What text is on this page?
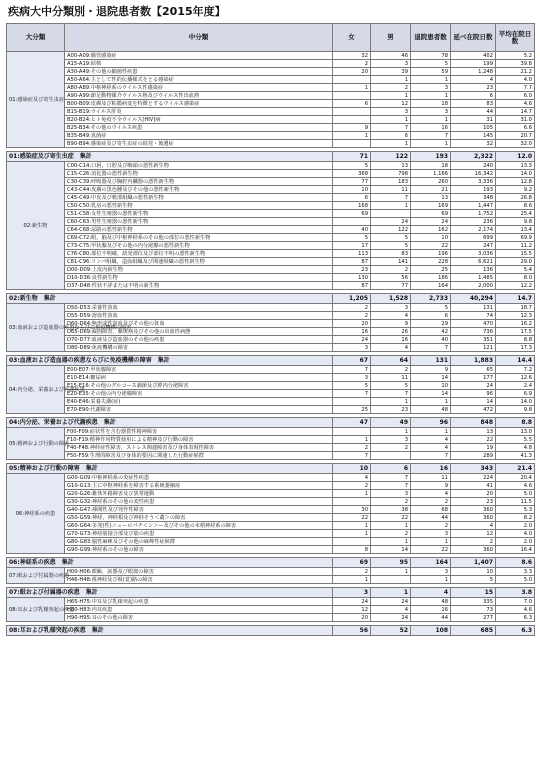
疾病大中分類別・退院患者数【2015年度】
大分類	中分類	女	男	退院患者数	延べ在院日数	平均在院日数
01:感染症及び寄生虫症	A00-A09:腸管感染症	32	46	78	402	5.2
	A15-A19:結核	2	3	5	199	39.8
	A30-A49:その他の細菌性疾患	20	39	59	1,248	21.2
	A50-A64:主として性的伝播様式をとる感染症		1	1	4	4.0
	A80-A89:中枢神経系のウイルス性感染症	1	2	3	23	7.7
	A90-A99:節足動物媒介ウイルス熱及びウイルス性出血熱		1	1	6	6.0
	B00-B09:皮膚及び粘膜病変を特徴とするウイルス感染症	6	12	18	83	4.6
	B15-B19:ウイルス肝炎		3	3	44	14.7
	B20-B24:ヒト免疫不全ウイルス[HIV]病		1	1	31	31.0
	B25-B34:その他のウイルス疾患	9	7	16	105	6.6
	B35-B49:真菌症	1	6	7	145	20.7
	B90-B94:感染症及び寄生虫症の続発・後遺症		1	1	32	32.0

01:感染症及び寄生虫症　集計		71	122	193	2,322	12.0
02:新生物	C00-C14:口唇，口腔及び咽頭の悪性新生物	5	13	18	240	13.3
	C15-C26:消化器の悪性新生物	368	798	1,166	16,342	14.0
	C30-C39:呼吸器及び胸腔内臓器の悪性新生物	77	183	260	3,336	12.8
	C43-C44:皮膚の黒色腫及びその他の悪性新生物	10	11	21	193	9.2
	C45-C49:中皮及び軟部組織の悪性新生物	6	7	13	348	26.8
	C50-C50:乳房の悪性新生物	168	1	169	1,447	8.6
	C51-C58:女性生殖器の悪性新生物	69		69	1,752	25.4
	C60-C63:男性生殖器の悪性新生物		24	24	236	9.8
	C64-C68:尿路の悪性新生物	40	122	162	2,174	13.4
	C69-C72:眼，脳及び中枢神経系のその他の部位の悪性新生物	5	5	10	699	69.9
	C73-C75:甲状腺及びその他の内分泌腺の悪性新生物	17	5	22	247	11.2
	C76-C80:部位不明確，続発部位及び部位不明の悪性新生物	113	83	196	3,036	15.5
	C81-C96:リンパ組織，造血組織及び関連組織の悪性新生物	87	141	228	6,621	29.0
	D00-D09:上皮内新生物	23	2	25	136	5.4
	D10-D36:良性新生物	130	56	186	1,485	8.0
	D37-D48:性状不詳または不明の新生物	87	77	164	2,000	12.2

02:新生物　集計		1,205	1,528	2,733	40,294	14.7
03:血液および造血器の疾患ならびに免疫機構の障害	D50-D53:栄養性貧血	2	3	5	131	18.7
	D55-D59:溶血性貧血	2	4	6	74	12.3
	D60-D64:無形成性貧血及びその他の貧血	20	9	29	470	16.2
	D65-D69:凝固障害，紫斑病及びその他の出血性病態	16	26	42	736	17.5
	D70-D77:血液及び造血器のその他の疾患	24	16	40	351	8.8
	D80-D89:免疫機構の障害	3	4	7	121	17.3

03:血液および造血器の疾患ならびに免疫機構の障害　集計		67	64	131	1,883	14.4
04:内分泌、栄養および代謝疾患	E00-E07:甲状腺障害	7	2	9	65	7.2
	E10-E14:糖尿病	3	11	14	177	12.6
	E15-E16:その他のグルコース調節及び膵内分泌障害	5	5	10	24	2.4
	E20-E35:その他の内分泌腺障害	7	7	14	96	6.9
	E40-E46:栄養失調(症)		1	1	14	14.0
	E70-E90:代謝障害	25	23	48	472	9.8

04:内分泌、栄養および代謝疾患　集計		47	49	96	848	8.8
05:精神および行動の障害	F00-F09:症状性を含む器質性精神障害		1	1	13	13.0
	F10-F19:精神作用物質使用による精神及び行動の障害	1	3	4	22	5.5
	F40-F48:神経症性障害，ストレス関連障害及び身体表現性障害	2	2	4	19	4.8
	F50-F59:生理的障害及び身体的要因に関連した行動症候群	7		7	289	41.3

05:精神および行動の障害　集計		10	6	16	343	21.4
06:神経系の疾患	G00-G09:中枢神経系の炎症性疾患	4	7	11	224	20.4
	G10-G13:主に中枢神経系を障害する系統萎縮症	2	7	9	41	4.6
	G20-G26:錐体外路障害及び異常運動	1	3	4	20	5.0
	G30-G32:神経系のその他の変性疾患		2	2	23	11.5
	G40-G47:挿間性及び発作性障害	30	38	68	360	5.3
	G50-G59:神経，神経根及び神経そう＜叢＞の障害	22	22	44	360	8.2
	G60-G64:多発(性)ニューロパチ＜シ＞ー及びその他の末梢神経系の障害	1	1	2	4	2.0
	G70-G73:神経筋接合部及び筋の疾患	1	2	3	12	4.0
	G80-G83:脳性麻痺及びその他の麻痺性症候群		1	1	2	2.0
	G90-G99:神経系のその他の障害	8	14	22	360	16.4

06:神経系の疾患　集計		69	95	164	1,407	8.6
07:眼および付属器の疾患	H00-H06:眼瞼，涙器及び眼窩の障害	2	1	3	10	3.3
	H46-H48:視神経及び視(覚)路の障害	1		1	5	5.0

07:眼および付属器の疾患　集計		3	1	4	15	3.8
08:耳および乳様突起の疾患	H65-H75:中耳及び乳様突起の疾患	24	24	48	335	7.0
	H80-H83:内耳疾患	12	4	16	73	4.6
	H90-H95:耳のその他の障害	20	24	44	277	6.3

08:耳および乳様突起の疾患　集計		56	52	108	685	6.3
